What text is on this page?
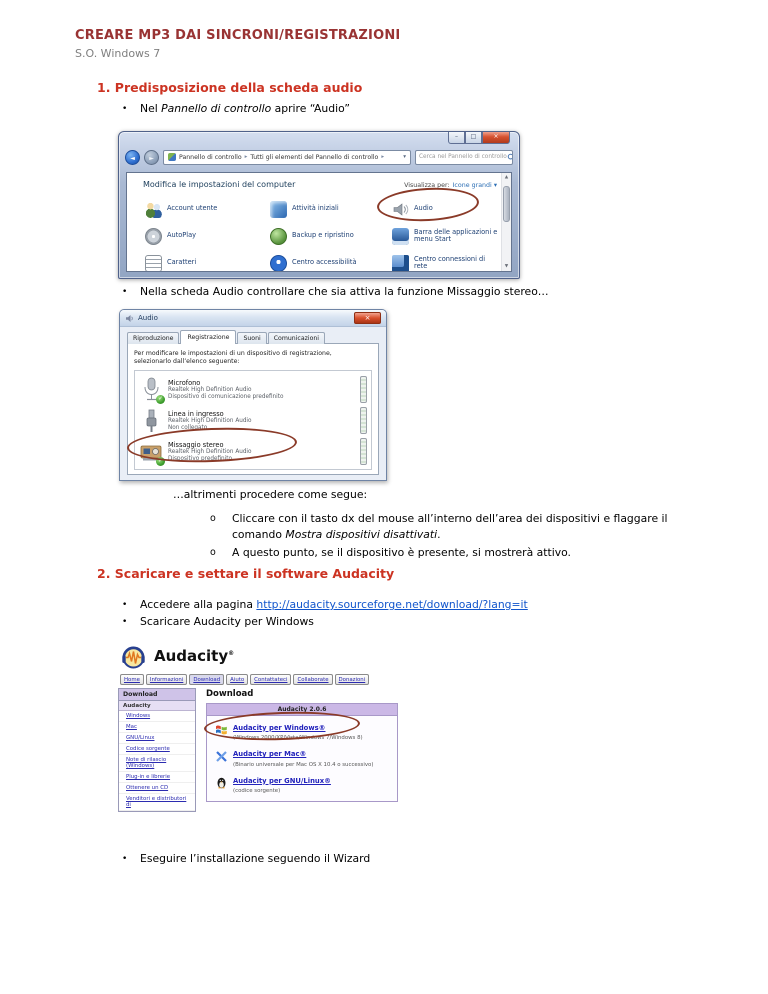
CREARE MP3 DAI SINCRONI/REGISTRAZIONI
S.O. Windows 7
1. Predisposizione della scheda audio
•	Nel Pannello di controllo aprire “Audio”
–	□	×
◄	►	Pannello di controllo ▸ Tutti gli elementi del Pannello di controllo ▸	▾ Cerca nel Pannello di controllo
Modifica le impostazioni del computer	Visualizza per: Icone grandi ▾
Account utente	Attività iniziali	Audio
AutoPlay	Backup e ripristino	Barra delle applicazioni e menu Start
Caratteri	Centro accessibilità	Centro connessioni di rete
▲
▼
•	Nella scheda Audio controllare che sia attiva la funzione Missaggio stereo…
Audio	×
Riproduzione	Registrazione	Suoni	Comunicazioni
Per modificare le impostazioni di un dispositivo di registrazione, selezionarlo dall’elenco seguente:
✓
Microfono
Realtek High Definition Audio
Dispositivo di comunicazione predefinito
Linea in ingresso
Realtek High Definition Audio
Non collegato
✓
Missaggio stereo
Realtek High Definition Audio
Dispositivo predefinito
…altrimenti procedere come segue:
o	Cliccare con il tasto dx del mouse all’interno dell’area dei dispositivi e flaggare il comando Mostra dispositivi disattivati.
o	A questo punto, se il dispositivo è presente, si mostrerà attivo.
2. Scaricare e settare il software Audacity
•	Accedere alla pagina http://audacity.sourceforge.net/download/?lang=it
•	Scaricare Audacity per Windows
Audacity®
Home	Informazioni	Download	Aiuto	Contattateci	Collaborate	Donazioni
Download
Audacity
Windows
Mac
GNU/Linux
Codice sorgente
Note di rilascio (Windows)
Plug-in e librerie
Ottenere un CD
Venditori e distributori di
Download
Audacity 2.0.6
Audacity per Windows®
(Windows 2000/XP/Vista/Windows 7/Windows 8)
Audacity per Mac®
(Binario universale per Mac OS X 10.4 o successivo)
Audacity per GNU/Linux®
(codice sorgente)
•	Eseguire l’installazione seguendo il Wizard
